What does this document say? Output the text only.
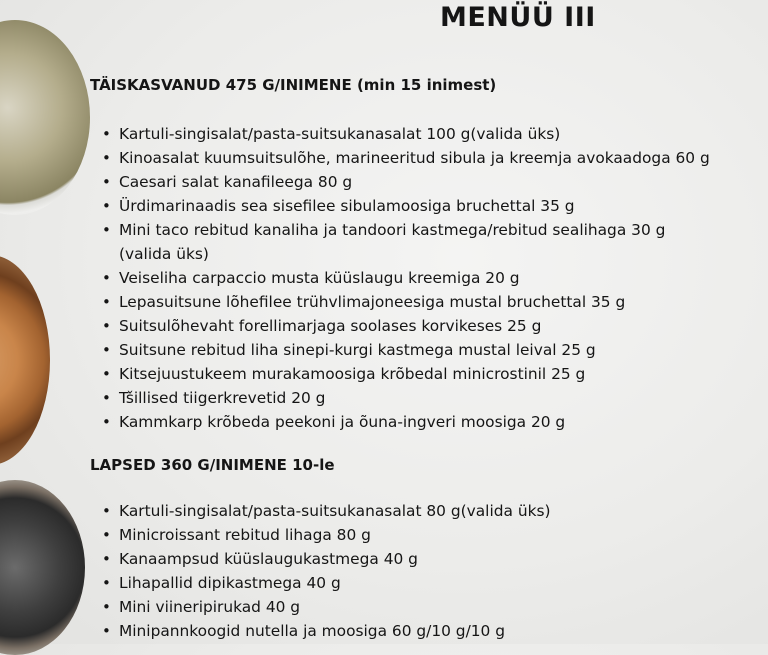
MENÜÜ III
TÄISKASVANUD 475 G/INIMENE (min 15 inimest)
• Kartuli-singisalat/pasta-suitsukanasalat 100 g(valida üks)
• Kinoasalat kuumsuitsulõhe, marineeritud sibula ja kreemja avokaadoga 60 g
• Caesari salat kanafileega 80 g
• Ürdimarinaadis sea sisefilee sibulamoosiga bruchettal 35 g
• Mini taco rebitud kanaliha ja tandoori kastmega/rebitud sealihaga 30 g
(valida üks)
• Veiseliha carpaccio musta küüslaugu kreemiga 20 g
• Lepasuitsune lõhefilee trühvlimajoneesiga mustal bruchettal 35 g
• Suitsulõhevaht forellimarjaga soolases korvikeses 25 g
• Suitsune rebitud liha sinepi-kurgi kastmega mustal leival 25 g
• Kitsejuustukeem murakamoosiga krõbedal minicrostinil 25 g
• Tšillised tiigerkrevetid 20 g
• Kammkarp krõbeda peekoni ja õuna-ingveri moosiga 20 g
LAPSED 360 G/INIMENE 10-le
• Kartuli-singisalat/pasta-suitsukanasalat 80 g(valida üks)
• Minicroissant rebitud lihaga 80 g
• Kanaampsud küüslaugukastmega 40 g
• Lihapallid dipikastmega 40 g
• Mini viineripirukad 40 g
• Minipannkoogid nutella ja moosiga 60 g/10 g/10 g
